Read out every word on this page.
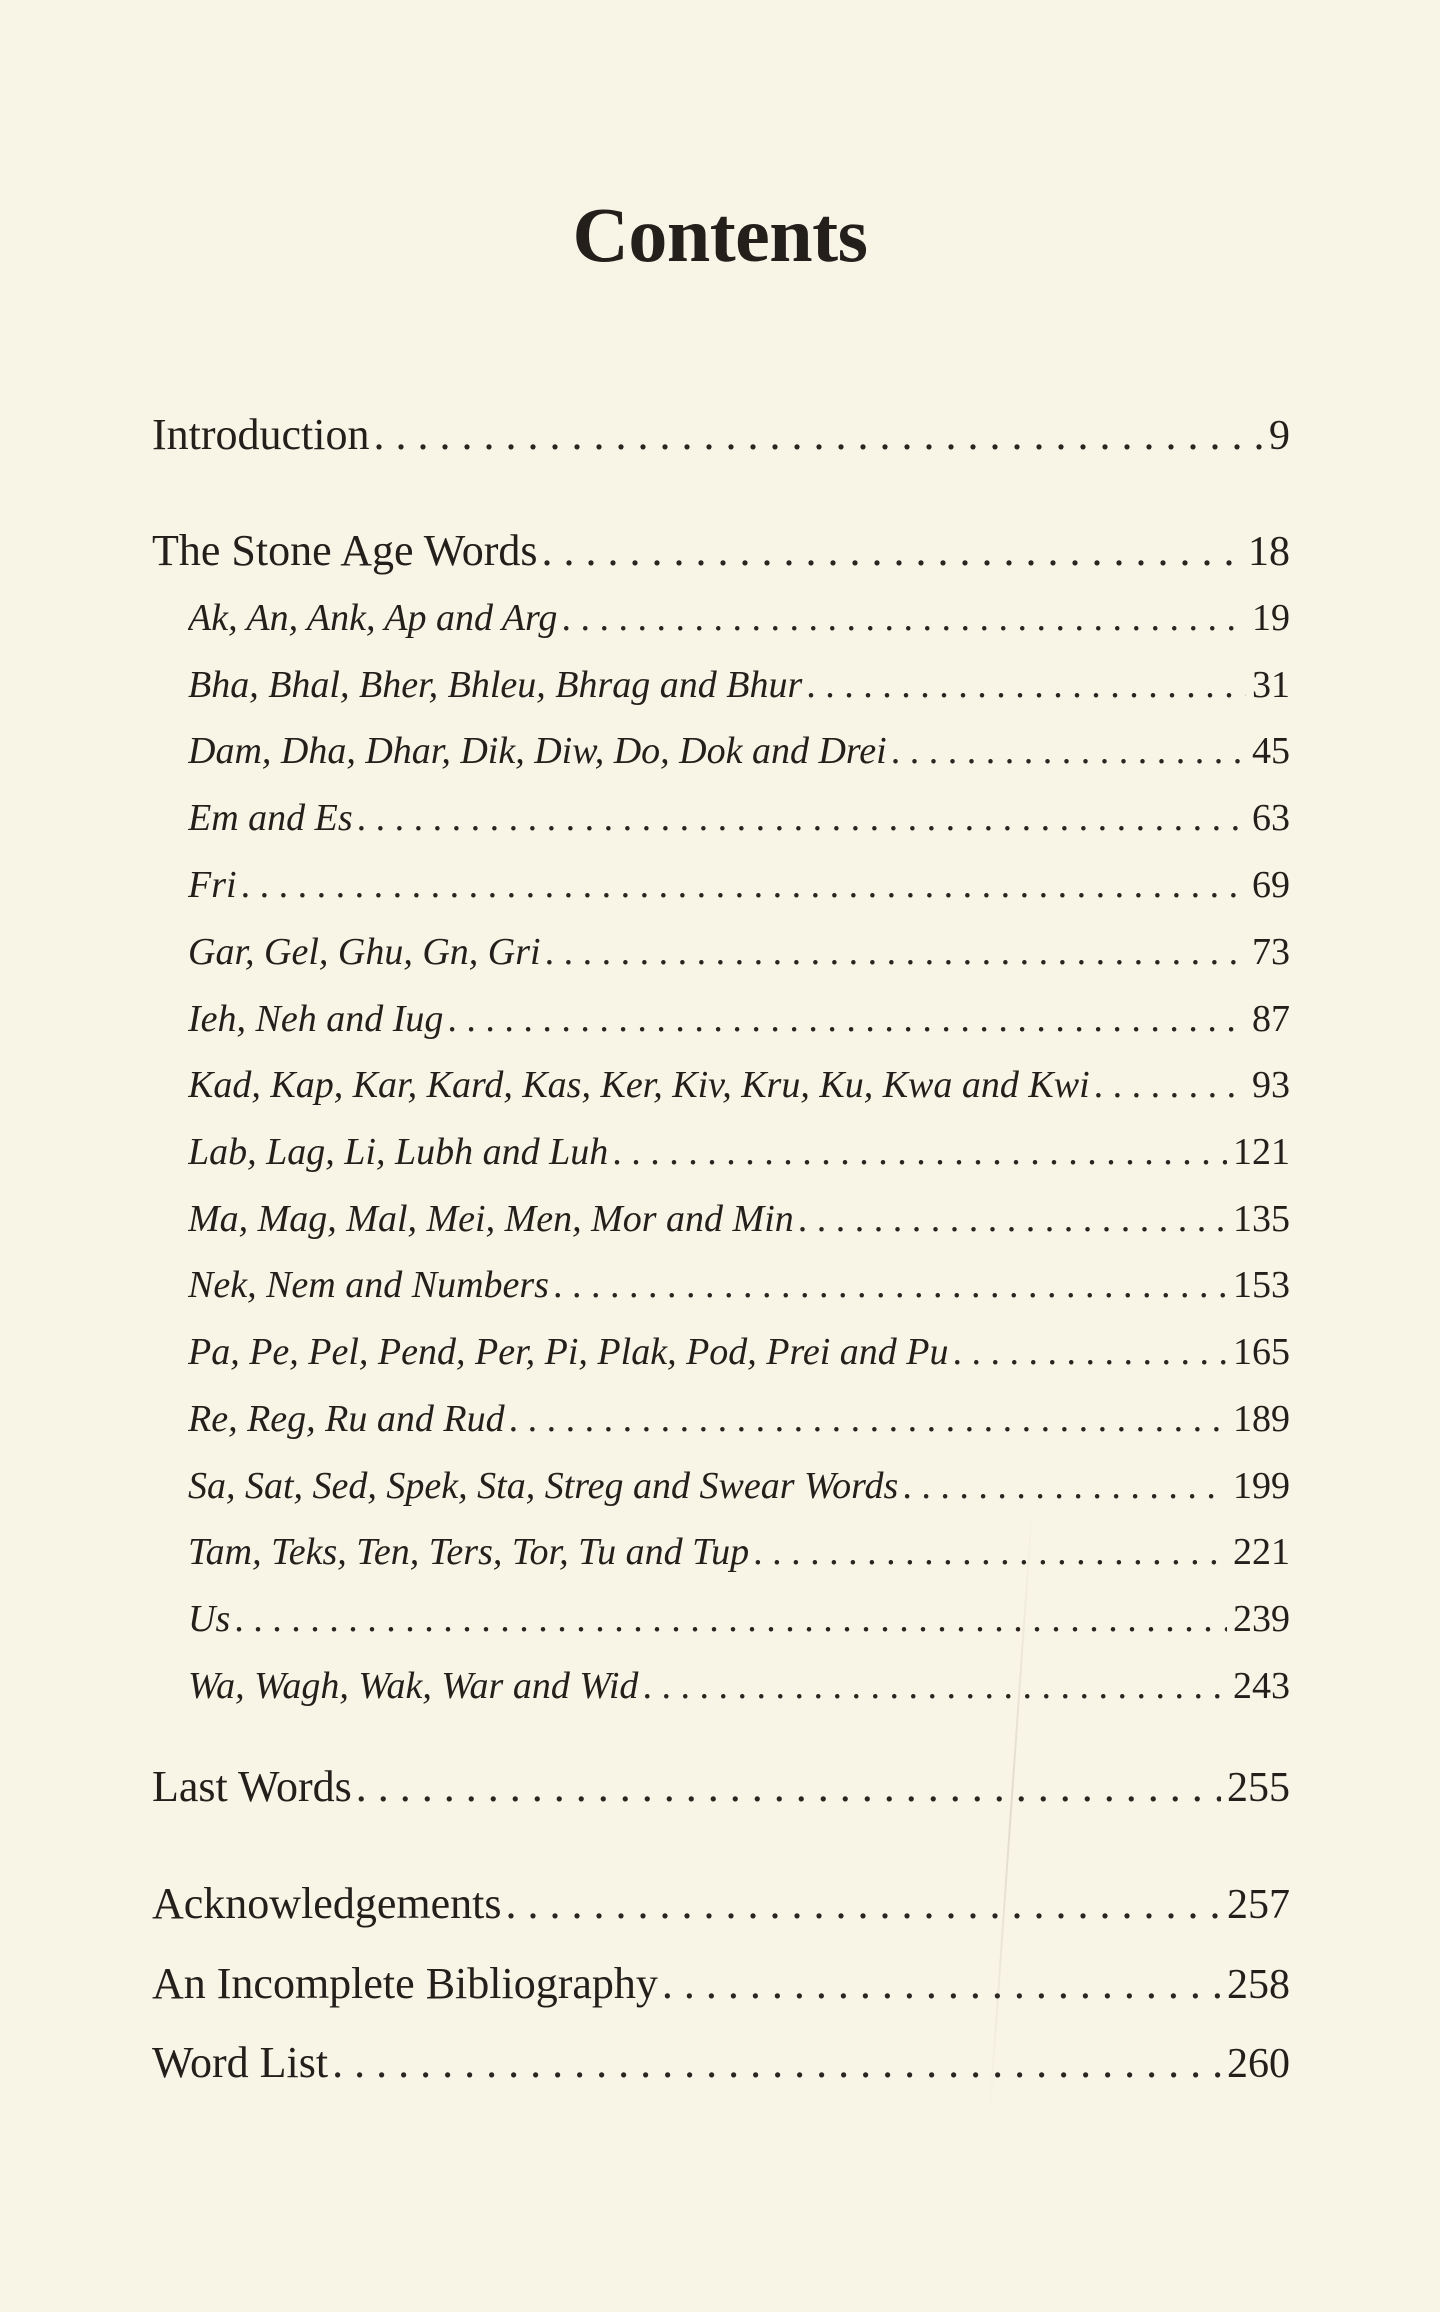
Contents
Introduction . . .	9
The Stone Age Words . . .	18
Ak, An, Ank, Ap and Arg . . .	19
Bha, Bhal, Bher, Bhleu, Bhrag and Bhur . . .	31
Dam, Dha, Dhar, Dik, Diw, Do, Dok and Drei . . .	45
Em and Es . . .	63
Fri . . .	69
Gar, Gel, Ghu, Gn, Gri . . .	73
Ieh, Neh and Iug . . .	87
Kad, Kap, Kar, Kard, Kas, Ker, Kiv, Kru, Ku, Kwa and Kwi . . .	93
Lab, Lag, Li, Lubh and Luh . . .	121
Ma, Mag, Mal, Mei, Men, Mor and Min . . .	135
Nek, Nem and Numbers . . .	153
Pa, Pe, Pel, Pend, Per, Pi, Plak, Pod, Prei and Pu . . .	165
Re, Reg, Ru and Rud . . .	189
Sa, Sat, Sed, Spek, Sta, Streg and Swear Words . . .	199
Tam, Teks, Ten, Ters, Tor, Tu and Tup . . .	221
Us . . .	239
Wa, Wagh, Wak, War and Wid . . .	243
Last Words . . .	255
Acknowledgements . . .	257
An Incomplete Bibliography . . .	258
Word List . . .	260
